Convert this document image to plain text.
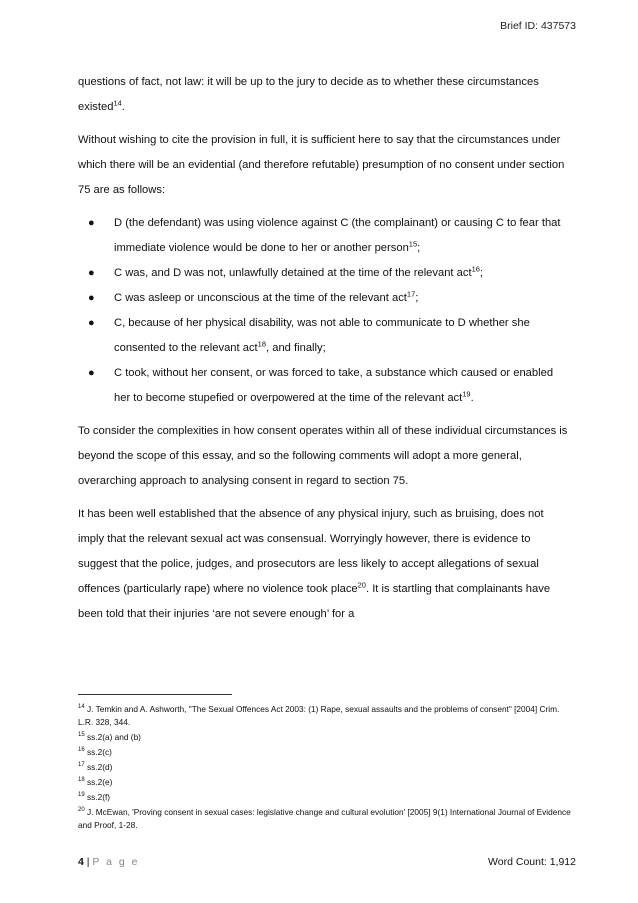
Brief ID: 437573

questions of fact, not law: it will be up to the jury to decide as to whether these circumstances existed$^{14}$.

Without wishing to cite the provision in full, it is sufficient here to say that the circumstances under which there will be an evidential (and therefore refutable) presumption of no consent under section 75 are as follows:

● D (the defendant) was using violence against C (the complainant) or causing C to fear that immediate violence would be done to her or another person$^{15}$;
● C was, and D was not, unlawfully detained at the time of the relevant act$^{16}$;
● C was asleep or unconscious at the time of the relevant act$^{17}$;
● C, because of her physical disability, was not able to communicate to D whether she consented to the relevant act$^{18}$, and finally;
● C took, without her consent, or was forced to take, a substance which caused or enabled her to become stupefied or overpowered at the time of the relevant act$^{19}$.

To consider the complexities in how consent operates within all of these individual circumstances is beyond the scope of this essay, and so the following comments will adopt a more general, overarching approach to analysing consent in regard to section 75.

It has been well established that the absence of any physical injury, such as bruising, does not imply that the relevant sexual act was consensual. Worryingly however, there is evidence to suggest that the police, judges, and prosecutors are less likely to accept allegations of sexual offences (particularly rape) where no violence took place$^{20}$. It is startling that complainants have been told that their injuries ‘are not severe enough’ for a

$^{14}$ J. Temkin and A. Ashworth, "The Sexual Offences Act 2003: (1) Rape, sexual assaults and the problems of consent" [2004] Crim. L.R. 328, 344.

$^{15}$ ss.2(a) and (b)

$^{16}$ ss.2(c)

$^{17}$ ss.2(d)

$^{18}$ ss.2(e)

$^{19}$ ss.2(f)

$^{20}$ J. McEwan, 'Proving consent in sexual cases: legislative change and cultural evolution' [2005] 9(1) International Journal of Evidence and Proof, 1-28.

4 | P a g e	Word Count: 1,912
